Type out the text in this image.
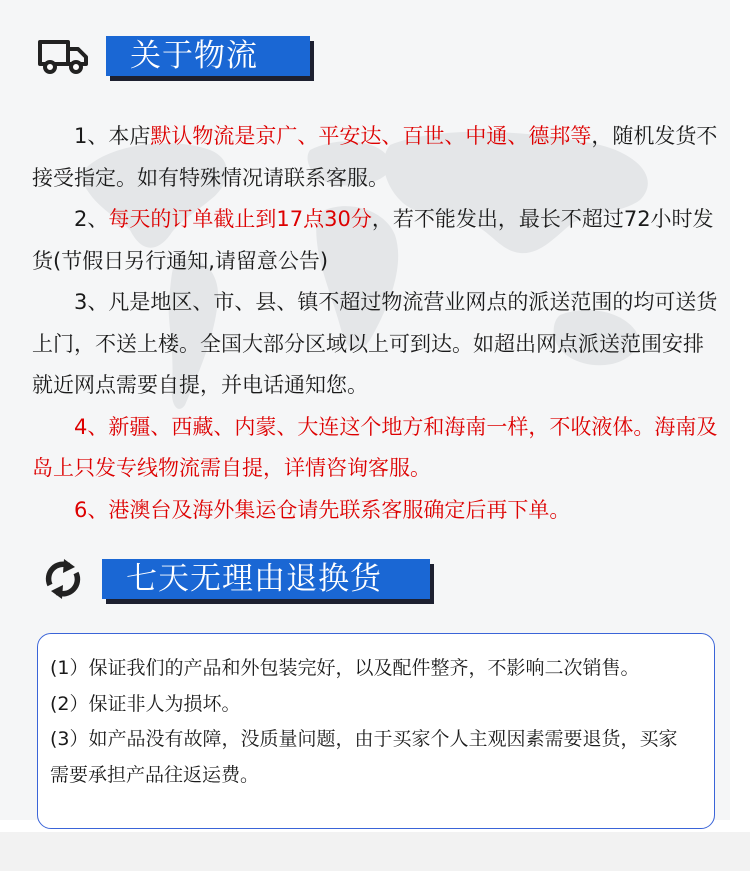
关于物流

1、本店默认物流是京广、平安达、百世、中通、德邦等，随机发货不接受指定。如有特殊情况请联系客服。

2、每天的订单截止到17点30分，若不能发出，最长不超过72小时发货(节假日另行通知,请留意公告)

3、凡是地区、市、县、镇不超过物流营业网点的派送范围的均可送货上门，不送上楼。全国大部分区域以上可到达。如超出网点派送范围安排就近网点需要自提，并电话通知您。

4、新疆、西藏、内蒙、大连这个地方和海南一样，不收液体。海南及岛上只发专线物流需自提，详情咨询客服。

6、港澳台及海外集运仓请先联系客服确定后再下单。

七天无理由退换货

(1）保证我们的产品和外包装完好，以及配件整齐，不影响二次销售。

(2）保证非人为损坏。

(3）如产品没有故障，没质量问题，由于买家个人主观因素需要退货，买家需要承担产品往返运费。
